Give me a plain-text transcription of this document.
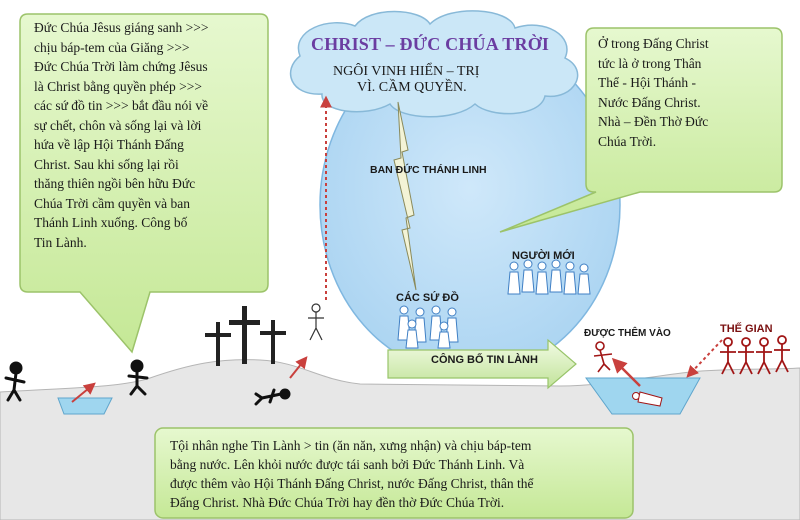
CHRIST – ĐỨC CHÚA TRỜI
NGÔI VINH HIỂN – TRỊ
VÌ. CẦM QUYỀN.
BAN ĐỨC THÁNH LINH
CÁC SỨ ĐỒ
NGƯỜI MỚI
CÔNG BỐ TIN LÀNH
ĐƯỢC THÊM VÀO	THẾ GIAN
Đức Chúa Jêsus giáng sanh >>>
chịu báp-tem của Giăng >>>
Đức Chúa Trời làm chứng Jêsus
là Christ bằng quyền phép >>>
các sứ đồ tin >>> bắt đầu nói về
sự chết, chôn và sống lại và lời
hứa về lập Hội Thánh Đấng
Christ. Sau khi sống lại rồi
thăng thiên ngồi bên hữu Đức
Chúa Trời cầm quyền và ban
Thánh Linh xuống. Công bố
Tin Lành.
Ở trong Đấng Christ
tức là ở trong Thân
Thể - Hội Thánh -
Nước Đấng Christ.
Nhà – Đền Thờ Đức
Chúa Trời.
Tội nhân nghe Tin Lành > tin (ăn năn, xưng nhận) và chịu báp-tem
bằng nước. Lên khỏi nước được tái sanh bởi Đức Thánh Linh. Và
được thêm vào Hội Thánh Đấng Christ, nước Đấng Christ, thân thể
Đấng Christ. Nhà Đức Chúa Trời hay đền thờ Đức Chúa Trời.
